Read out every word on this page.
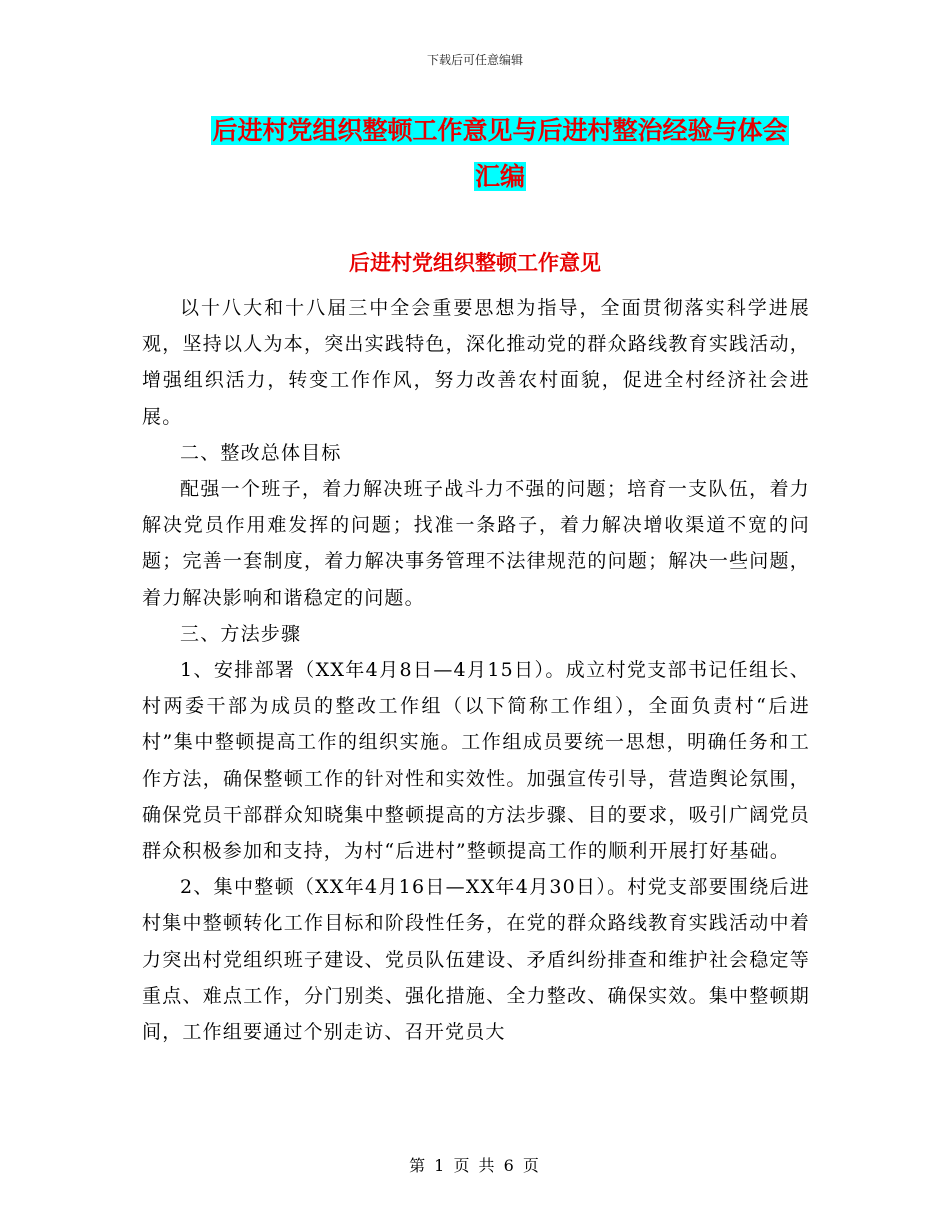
下载后可任意编辑
后进村党组织整顿工作意见与后进村整治经验与体会
汇编
后进村党组织整顿工作意见

以十八大和十八届三中全会重要思想为指导，全面贯彻落实科学进展观，坚持以人为本，突出实践特色，深化推动党的群众路线教育实践活动，增强组织活力，转变工作作风，努力改善农村面貌，促进全村经济社会进展。

二、整改总体目标

配强一个班子，着力解决班子战斗力不强的问题；培育一支队伍，着力解决党员作用难发挥的问题；找准一条路子，着力解决增收渠道不宽的问题；完善一套制度，着力解决事务管理不法律规范的问题；解决一些问题，着力解决影响和谐稳定的问题。

三、方法步骤

1、安排部署（XX年4月8日—4月15日）。成立村党支部书记任组长、村两委干部为成员的整改工作组（以下简称工作组），全面负责村“后进村”集中整顿提高工作的组织实施。工作组成员要统一思想，明确任务和工作方法，确保整顿工作的针对性和实效性。加强宣传引导，营造舆论氛围，确保党员干部群众知晓集中整顿提高的方法步骤、目的要求，吸引广阔党员群众积极参加和支持，为村“后进村”整顿提高工作的顺利开展打好基础。

2、集中整顿（XX年4月16日—XX年4月30日）。村党支部要围绕后进村集中整顿转化工作目标和阶段性任务，在党的群众路线教育实践活动中着力突出村党组织班子建设、党员队伍建设、矛盾纠纷排查和维护社会稳定等重点、难点工作，分门别类、强化措施、全力整改、确保实效。集中整顿期间，工作组要通过个别走访、召开党员大

第 1 页 共 6 页
